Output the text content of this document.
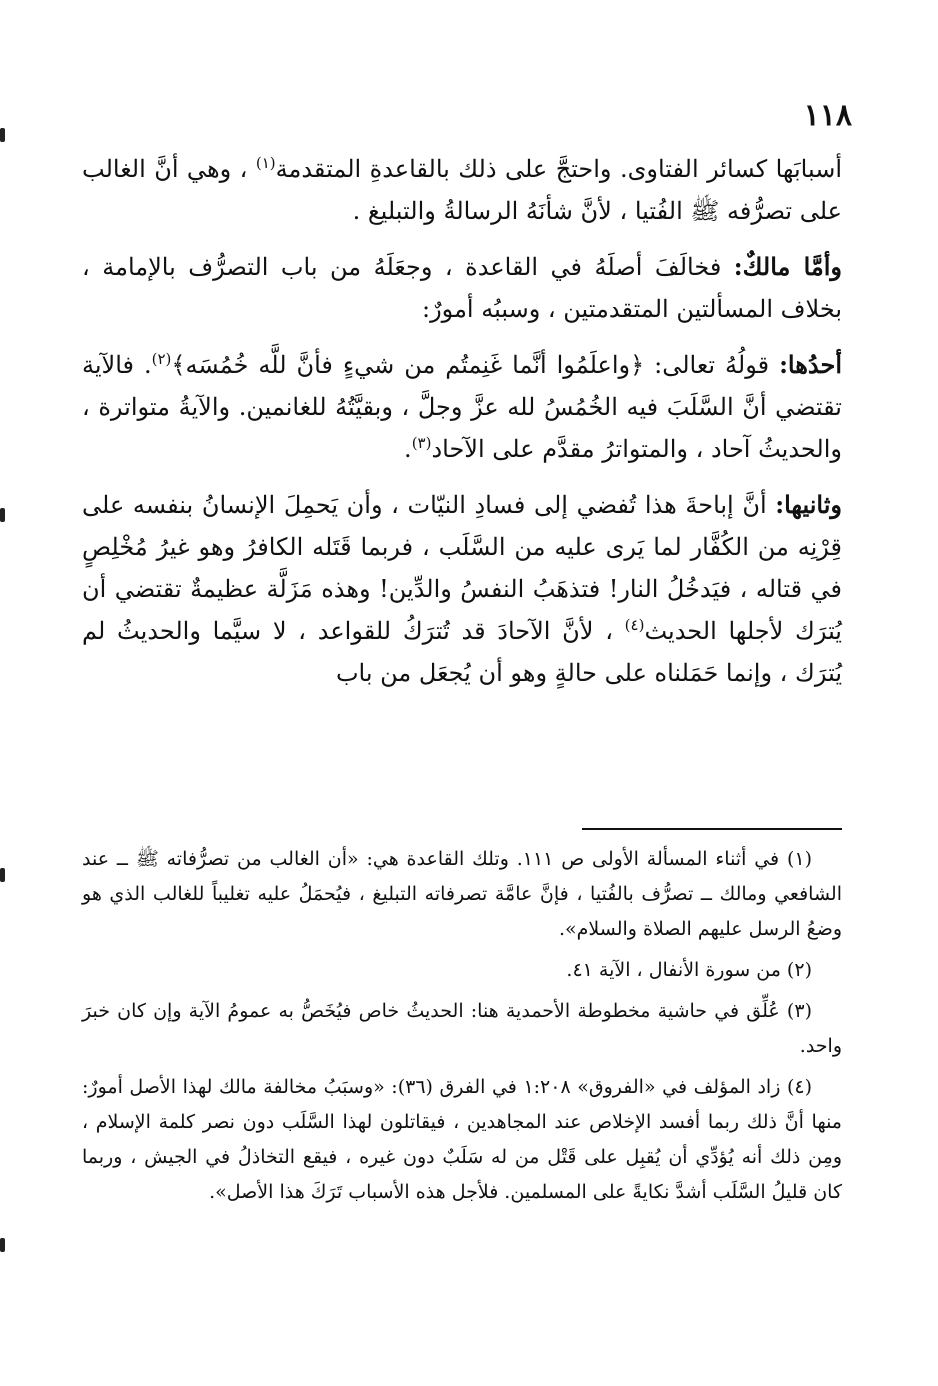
١١٨

أسبابَها كسائر الفتاوى. واحتجَّ على ذلك بالقاعدةِ المتقدمة$^{(١)}$ ، وهي أنَّ الغالب على تصرُّفه ﷺ الفُتيا ، لأنَّ شأنَهُ الرسالةُ والتبليغ .

وأمَّا مالكٌ: فخالَفَ أصلَهُ في القاعدة ، وجعَلَهُ من باب التصرُّف بالإمامة ، بخلاف المسألتين المتقدمتين ، وسببُه أمورٌ:

أحدُها: قولُهُ تعالى: ﴿واعلَمُوا أنَّما غَنِمتُم من شيءٍ فأنَّ للَّه خُمُسَه﴾$^{(٢)}$. فالآية تقتضي أنَّ السَّلَبَ فيه الخُمُسُ لله عزَّ وجلَّ ، وبقيَّتُهُ للغانمين. والآيةُ متواترة ، والحديثُ آحاد ، والمتواترُ مقدَّم على الآحاد$^{(٣)}$.

وثانيها: أنَّ إباحةَ هذا تُفضي إلى فسادِ النيّات ، وأن يَحمِلَ الإنسانُ بنفسه على قِرْنِه من الكُفَّار لما يَرى عليه من السَّلَب ، فربما قَتَله الكافرُ وهو غيرُ مُخْلِصٍ في قتاله ، فيَدخُلُ النار! فتذهَبُ النفسُ والدِّين! وهذه مَزَلَّة عظيمةٌ تقتضي أن يُترَك لأجلها الحديث$^{(٤)}$ ، لأنَّ الآحادَ قد تُترَكُ للقواعد ، لا سيَّما والحديثُ لم يُترَك ، وإنما حَمَلناه على حالةٍ وهو أن يُجعَل من باب

(١) في أثناء المسألة الأولى ص ١١١. وتلك القاعدة هي: «أن الغالب من تصرُّفاته ﷺ ــ عند الشافعي ومالك ــ تصرُّف بالفُتيا ، فإنَّ عامَّة تصرفاته التبليغ ، فيُحمَلُ عليه تغليباً للغالب الذي هو وضعُ الرسل عليهم الصلاة والسلام».

(٢) من سورة الأنفال ، الآية ٤١.

(٣) عُلِّق في حاشية مخطوطة الأحمدية هنا: الحديثُ خاص فيُخَصُّ به عمومُ الآية وإن كان خبرَ واحد.

(٤) زاد المؤلف في «الفروق» ١:٢٠٨ في الفرق (٣٦): «وسبَبُ مخالفة مالك لهذا الأصل أمورٌ: منها أنَّ ذلك ربما أفسد الإخلاص عند المجاهدين ، فيقاتلون لهذا السَّلَب دون نصر كلمة الإسلام ، ومِن ذلك أنه يُؤدِّي أن يُقبِل على قَتْل من له سَلَبٌ دون غيره ، فيقع التخاذلُ في الجيش ، وربما كان قليلُ السَّلَب أشدَّ نكايةً على المسلمين. فلأجل هذه الأسباب تَرَكَ هذا الأصل».
